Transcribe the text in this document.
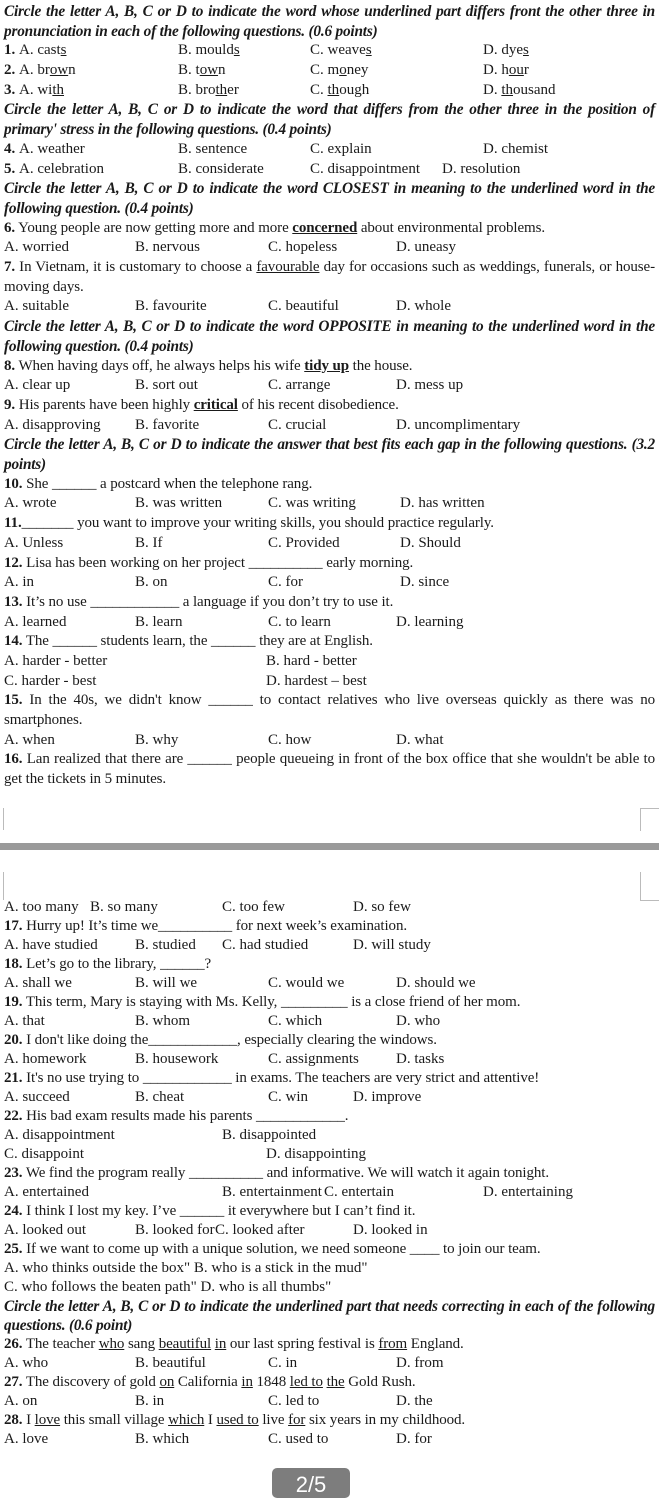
Circle the letter A, B, C or D to indicate the word whose underlined part differs front the other three in pronunciation in each of the following questions. (0.6 points)
1. A. casts	B. moulds	C. weaves	D. dyes
2. A. brown	B. town	C. money	D. hour
3. A. with	B. brother	C. though	D. thousand
Circle the letter A, B, C or D to indicate the word that differs from the other three in the position of primary' stress in the following questions. (0.4 points)
4. A. weather	B. sentence	C. explain	D. chemist
5. A. celebration	B. considerate	C. disappointment D. resolution
Circle the letter A, B, C or D to indicate the word CLOSEST in meaning to the underlined word in the following question. (0.4 points)
6. Young people are now getting more and more concerned about environmental problems.
A. worried	B. nervous	C. hopeless	D. uneasy
7. In Vietnam, it is customary to choose a favourable day for occasions such as weddings, funerals, or house-moving days.
A. suitable	B. favourite	C. beautiful	D. whole
Circle the letter A, B, C or D to indicate the word OPPOSITE in meaning to the underlined word in the following question. (0.4 points)
8. When having days off, he always helps his wife tidy up the house.
A. clear up	B. sort out	C. arrange	D. mess up
9. His parents have been highly critical of his recent disobedience.
A. disapproving B. favorite	C. crucial	D. uncomplimentary
Circle the letter A, B, C or D to indicate the answer that best fits each gap in the following questions. (3.2 points)
10. She ______ a postcard when the telephone rang.
A. wrote	B. was written	C. was writing	D. has written
11._______ you want to improve your writing skills, you should practice regularly.
A. Unless	B. If	C. Provided	D. Should
12. Lisa has been working on her project __________ early morning.
A. in	B. on	C. for	D. since
13. It’s no use ____________ a language if you don’t try to use it.
A. learned	B. learn	C. to learn	D. learning
14. The ______ students learn, the ______ they are at English.
A. harder - better	B. hard - better
C. harder - best	D. hardest – best
15. In the 40s, we didn't know ______ to contact relatives who live overseas quickly as there was no smartphones.
A. when	B. why	C. how	D. what
16. Lan realized that there are ______ people queueing in front of the box office that she wouldn't be able to get the tickets in 5 minutes.
A. too many B. so many	C. too few	D. so few
17. Hurry up! It’s time we__________ for next week’s examination.
A. have studied B. studied C. had studied	D. will study
18. Let’s go to the library, ______?
A. shall we	B. will we	C. would we	D. should we
19. This term, Mary is staying with Ms. Kelly, _________ is a close friend of her mom.
A. that	B. whom	C. which	D. who
20. I don't like doing the____________, especially clearing the windows.
A. homework	B. housework	C. assignments D. tasks
21. It's no use trying to ____________ in exams. The teachers are very strict and attentive!
A. succeed	B. cheat	C. win	D. improve
22. His bad exam results made his parents ____________.
A. disappointment	B. disappointed
C. disappoint	D. disappointing
23. We find the program really __________ and informative. We will watch it again tonight.
A. entertained	B. entertainment C. entertain	D. entertaining
24. I think I lost my key. I’ve ______ it everywhere but I can’t find it.
A. looked out	B. looked for C. looked after	D. looked in
25. If we want to come up with a unique solution, we need someone ____ to join our team.
A. who thinks outside the box" B. who is a stick in the mud"
C. who follows the beaten path" D. who is all thumbs"
Circle the letter A, B, C or D to indicate the underlined part that needs correcting in each of the following questions. (0.6 point)
26. The teacher who sang beautiful in our last spring festival is from England.
A. who	B. beautiful	C. in	D. from
27. The discovery of gold on California in 1848 led to the Gold Rush.
A. on	B. in	C. led to	D. the
28. I love this small village which I used to live for six years in my childhood.
A. love	B. which	C. used to	D. for
2/5
